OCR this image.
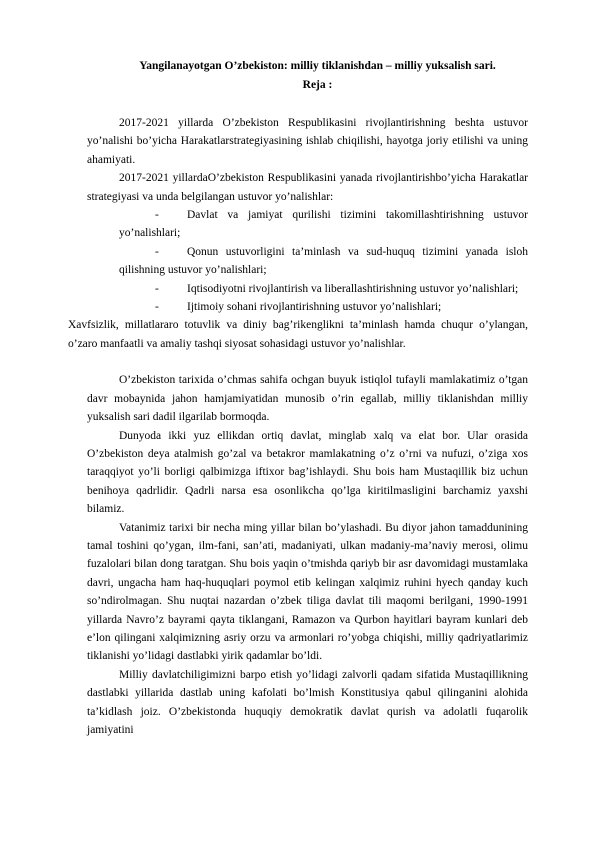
Yangilanayotgan O’zbekiston: milliy tiklanishdan – milliy yuksalish sari.
Reja :

2017-2021 yillarda O’zbekiston Respublikasini rivojlantirishning beshta ustuvor yo’nalishi bo’yicha Harakatlarstrategiyasining ishlab chiqilishi, hayotga joriy etilishi va uning ahamiyati.

2017-2021 yillardaO’zbekiston Respublikasini yanada rivojlantirishbo’yicha Harakatlar strategiyasi va unda belgilangan ustuvor yo’nalishlar:

-	Davlat va jamiyat qurilishi tizimini takomillashtirishning ustuvor yo’nalishlari;
-	Qonun ustuvorligini ta’minlash va sud-huquq tizimini yanada isloh qilishning ustuvor yo’nalishlari;
-	Iqtisodiyotni rivojlantirish va liberallashtirishning ustuvor yo’nalishlari;
-	Ijtimoiy sohani rivojlantirishning ustuvor yo’nalishlari;

Xavfsizlik, millatlararo totuvlik va diniy bag’rikenglikni ta’minlash hamda chuqur o’ylangan, o’zaro manfaatli va amaliy tashqi siyosat sohasidagi ustuvor yo’nalishlar.

O’zbekiston tarixida o’chmas sahifa ochgan buyuk istiqlol tufayli mamlakatimiz o’tgan davr mobaynida jahon hamjamiyatidan munosib o’rin egallab, milliy tiklanishdan milliy yuksalish sari dadil ilgarilab bormoqda.

Dunyoda ikki yuz ellikdan ortiq davlat, minglab xalq va elat bor. Ular orasida O’zbekiston deya atalmish go’zal va betakror mamlakatning o’z o’rni va nufuzi, o’ziga xos taraqqiyot yo’li borligi qalbimizga iftixor bag’ishlaydi. Shu bois ham Mustaqillik biz uchun benihoya qadrlidir. Qadrli narsa esa osonlikcha qo’lga kiritilmasligini barchamiz yaxshi bilamiz.

Vatanimiz tarixi bir necha ming yillar bilan bo’ylashadi. Bu diyor jahon tamaddunining tamal toshini qo’ygan, ilm-fani, san’ati, madaniyati, ulkan madaniy-ma’naviy merosi, olimu fuzalolari bilan dong taratgan. Shu bois yaqin o’tmishda qariyb bir asr davomidagi mustamlaka davri, ungacha ham haq-huquqlari poymol etib kelingan xalqimiz ruhini hyech qanday kuch so’ndirolmagan. Shu nuqtai nazardan o’zbek tiliga davlat tili maqomi berilgani, 1990-1991 yillarda Navro’z bayrami qayta tiklangani, Ramazon va Qurbon hayitlari bayram kunlari deb e’lon qilingani xalqimizning asriy orzu va armonlari ro’yobga chiqishi, milliy qadriyatlarimiz tiklanishi yo’lidagi dastlabki yirik qadamlar bo’ldi.

Milliy davlatchiligimizni barpo etish yo’lidagi zalvorli qadam sifatida Mustaqillikning dastlabki yillarida dastlab uning kafolati bo’lmish Konstitusiya qabul qilinganini alohida ta’kidlash joiz. O’zbekistonda huquqiy demokratik davlat qurish va adolatli fuqarolik jamiyatini
